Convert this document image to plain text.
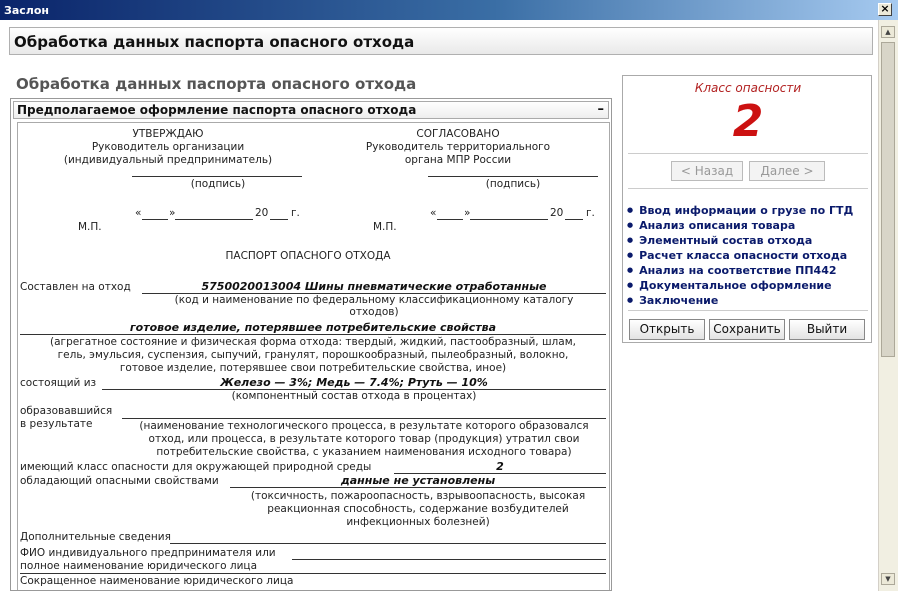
Заслон	×
▲
▼
Обработка данных паспорта опасного отхода
Обработка данных паспорта опасного отхода
Предполагаемое оформление паспорта опасного отхода	–
УТВЕРЖДАЮ
Руководитель организации
(индивидуальный предприниматель)
(подпись)
«	»	20 г.
М.П.
СОГЛАСОВАНО
Руководитель территориального
органа МПР России
(подпись)
«	»	20 г.
М.П.
ПАСПОРТ ОПАСНОГО ОТХОДА
Составлен на отход	5750020013004 Шины пневматические отработанные
(код и наименование по федеральному классификационному каталогу
отходов)
готовое изделие, потерявшее потребительские свойства
(агрегатное состояние и физическая форма отхода: твердый, жидкий, пастообразный, шлам,
гель, эмульсия, суспензия, сыпучий, гранулят, порошкообразный, пылеобразный, волокно,
готовое изделие, потерявшее свои потребительские свойства, иное)
состоящий из	Железо — 3%; Медь — 7.4%; Ртуть — 10%
(компонентный состав отхода в процентах)
образовавшийся
в результате	(наименование технологического процесса, в результате которого образовался
отход, или процесса, в результате которого товар (продукция) утратил свои
потребительские свойства, с указанием наименования исходного товара)
имеющий класс опасности для окружающей природной среды	2
обладающий опасными свойствами	данные не установлены
(токсичность, пожароопасность, взрывоопасность, высокая
реакционная способность, содержание возбудителей
инфекционных болезней)
Дополнительные сведения
ФИО индивидуального предпринимателя или
полное наименование юридического лица
Сокращенное наименование юридического лица
Класс опасности
2
< Назад	Далее >
● Ввод информации о грузе по ГТД
● Анализ описания товара
● Элементный состав отхода
● Расчет класса опасности отхода
● Анализ на соответствие ПП442
● Документальное оформление
● Заключение
Открыть	Сохранить	Выйти
